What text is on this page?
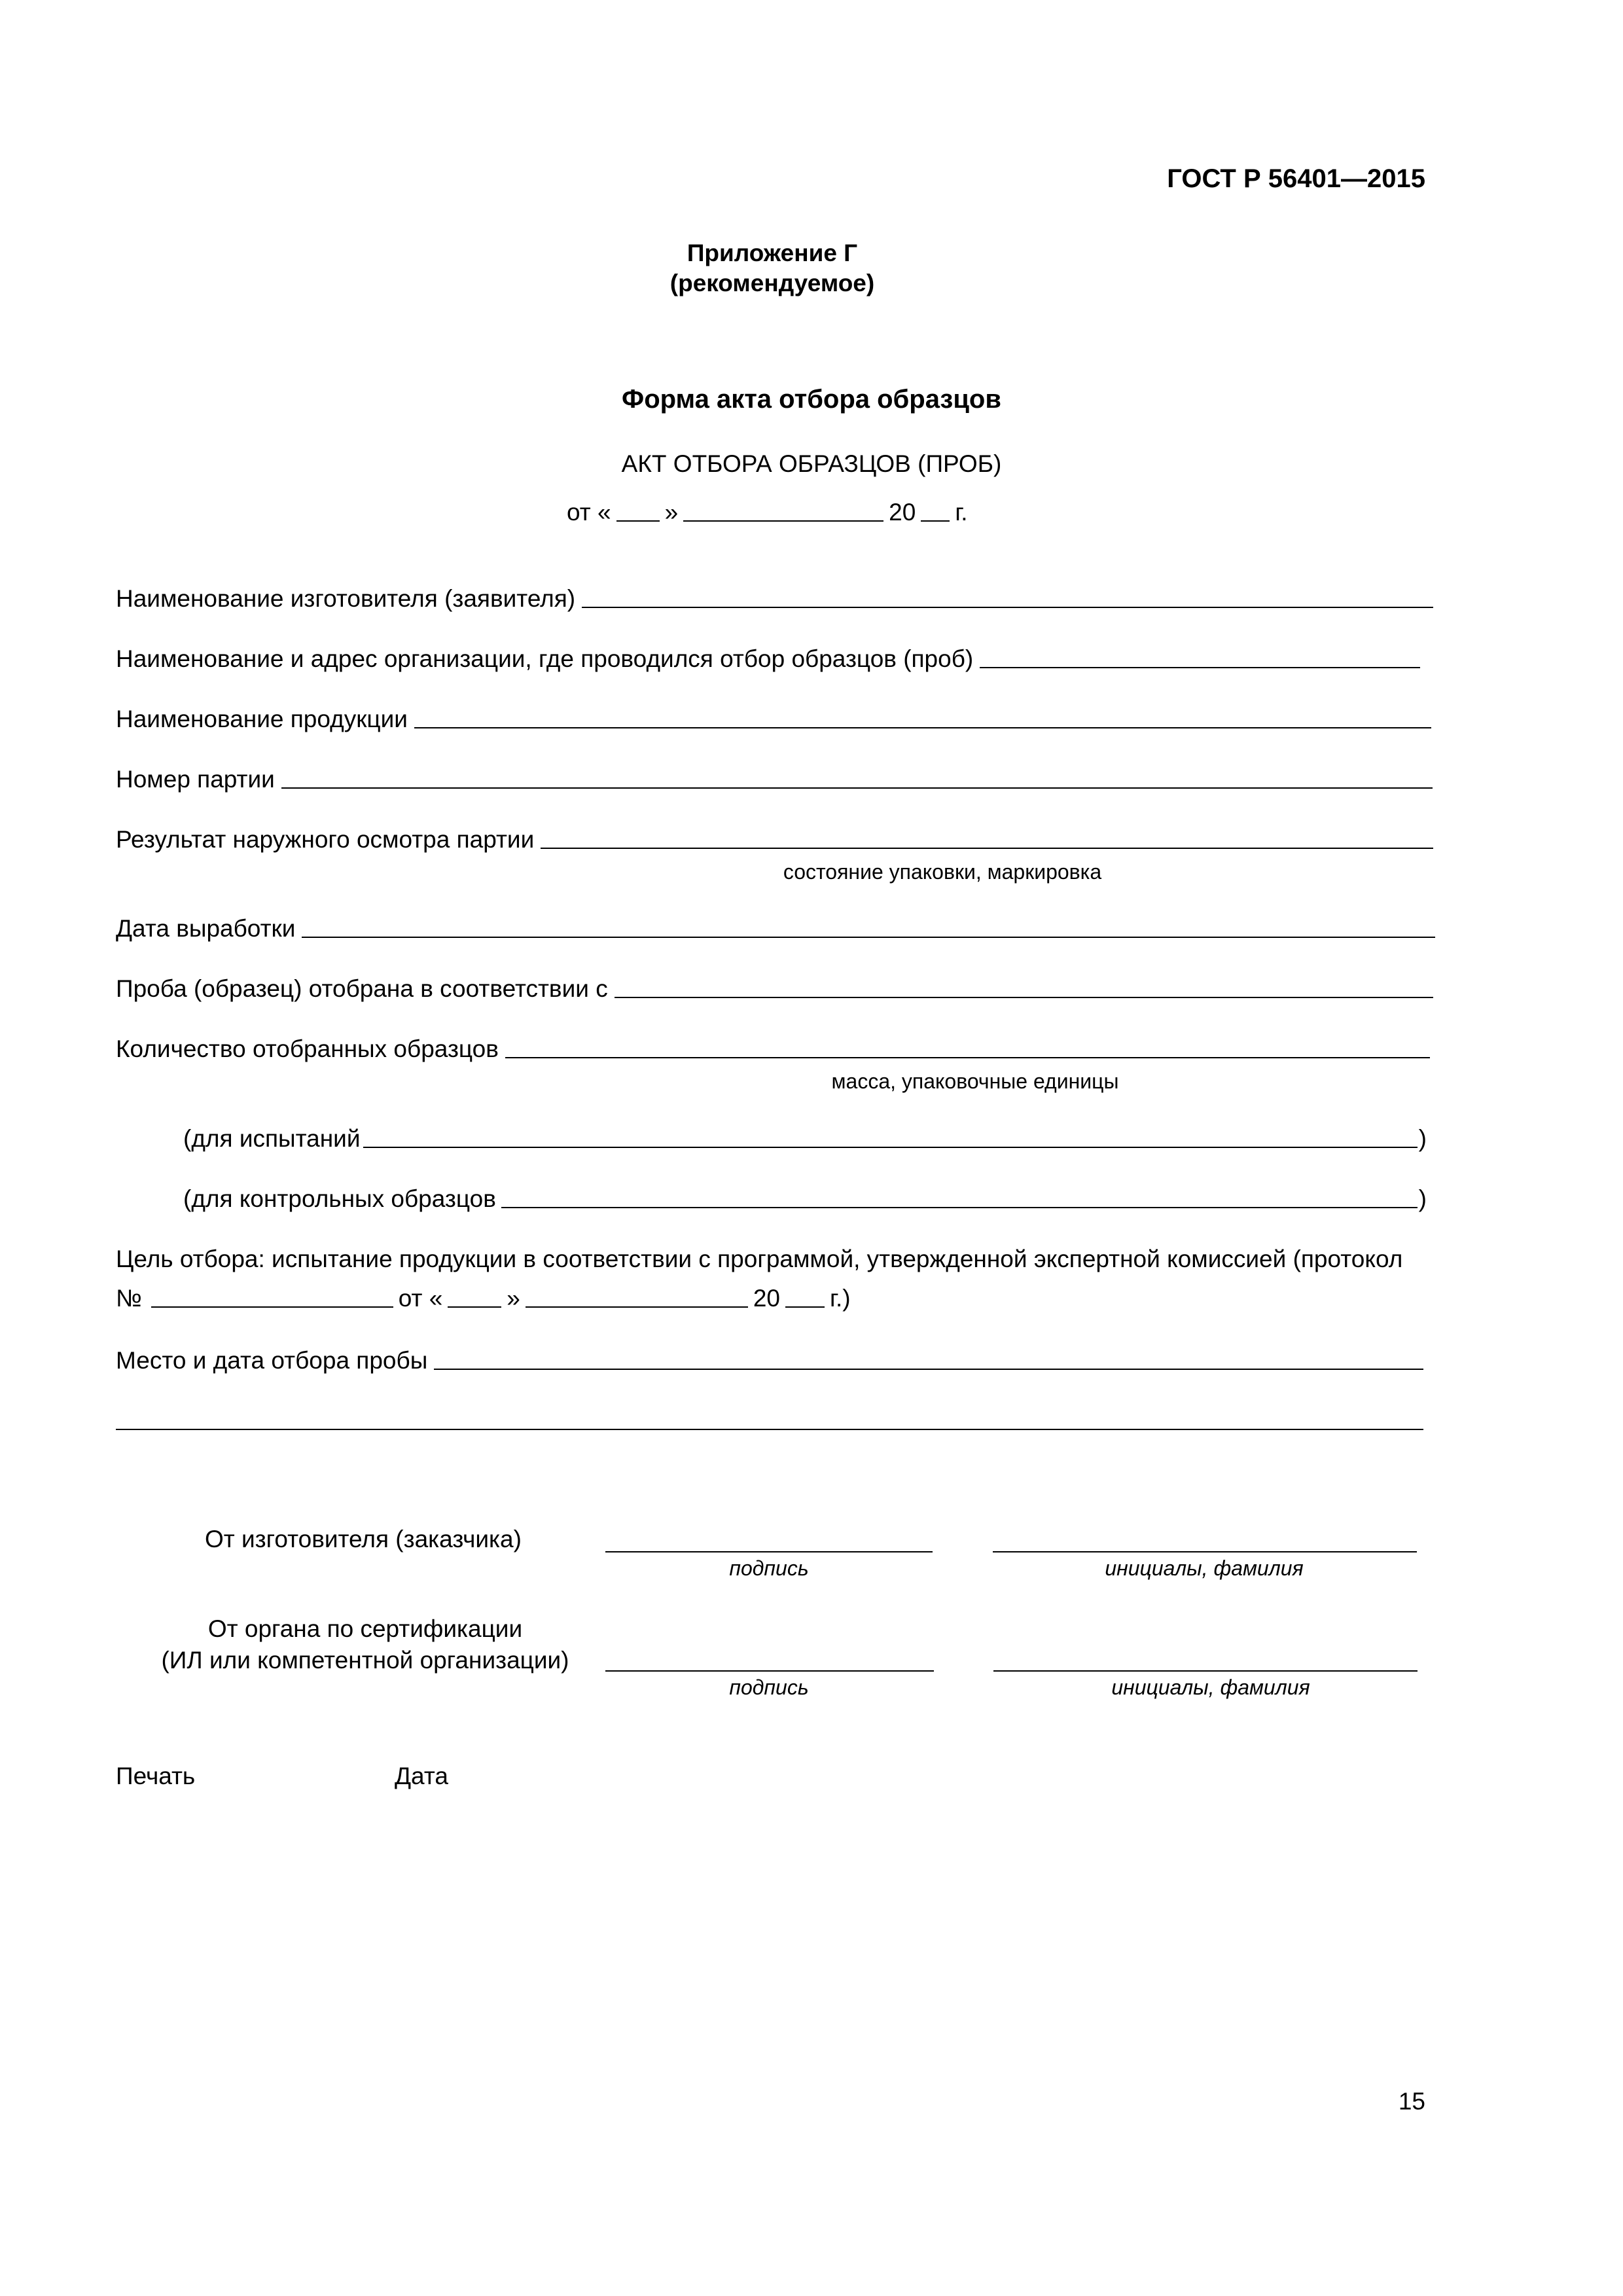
ГОСТ Р 56401—2015
Приложение Г
(рекомендуемое)
Форма акта отбора образцов
АКТ ОТБОРА ОБРАЗЦОВ (ПРОБ)
от « »	20 г.
Наименование изготовителя (заявителя)
Наименование и адрес организации, где проводился отбор образцов (проб)
Наименование продукции
Номер партии
Результат наружного осмотра партии
состояние упаковки, маркировка
Дата выработки
Проба (образец) отобрана в соответствии с
Количество отобранных образцов
масса, упаковочные единицы
(для испытаний	)
(для контрольных образцов	)
Цель отбора: испытание продукции в соответствии с программой, утвержденной экспертной комиссией (протокол
№	от «	»	20 г.)
Место и дата отбора пробы
От изготовителя (заказчика)
подпись	инициалы, фамилия
От органа по сертификации
(ИЛ или компетентной организации)
подпись	инициалы, фамилия
Печать	Дата
15
